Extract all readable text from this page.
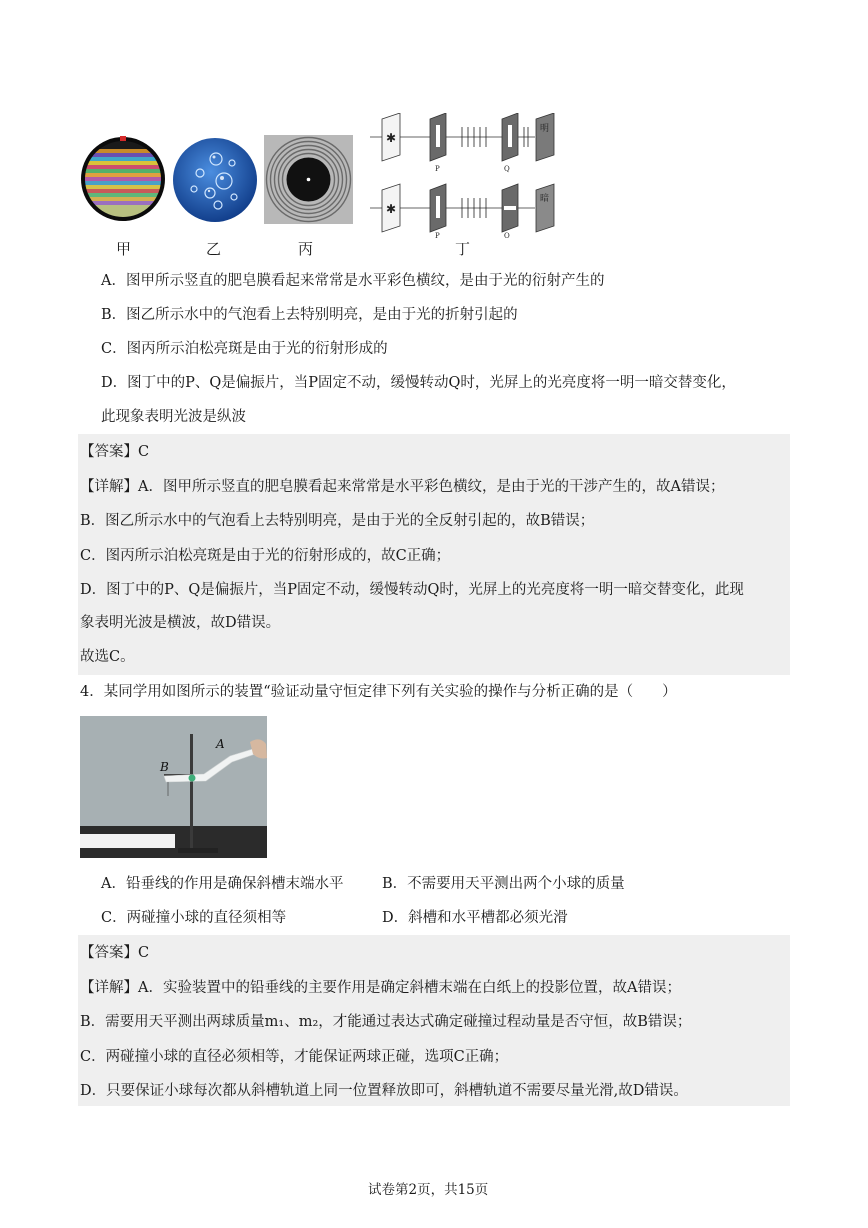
✱
P	Q
明
✱
P	Q
暗
甲	乙	丙	丁
A．图甲所示竖直的肥皂膜看起来常常是水平彩色横纹，是由于光的衍射产生的
B．图乙所示水中的气泡看上去特别明亮，是由于光的折射引起的
C．图丙所示泊松亮斑是由于光的衍射形成的
D．图丁中的P、Q是偏振片，当P固定不动，缓慢转动Q时，光屏上的光亮度将一明一暗交替变化，
此现象表明光波是纵波
【答案】C
【详解】A．图甲所示竖直的肥皂膜看起来常常是水平彩色横纹，是由于光的干涉产生的，故A错误；
B．图乙所示水中的气泡看上去特别明亮，是由于光的全反射引起的，故B错误；
C．图丙所示泊松亮斑是由于光的衍射形成的，故C正确；
D．图丁中的P、Q是偏振片，当P固定不动，缓慢转动Q时，光屏上的光亮度将一明一暗交替变化，此现
象表明光波是横波，故D错误。
故选C。
4．某同学用如图所示的装置“验证动量守恒定律下列有关实验的操作与分析正确的是（　　）
A
B
A．铅垂线的作用是确保斜槽末端水平	B．不需要用天平测出两个小球的质量
C．两碰撞小球的直径须相等	D．斜槽和水平槽都必须光滑
【答案】C
【详解】A．实验装置中的铅垂线的主要作用是确定斜槽末端在白纸上的投影位置，故A错误；
B．需要用天平测出两球质量m₁、m₂，才能通过表达式确定碰撞过程动量是否守恒，故B错误；
C．两碰撞小球的直径必须相等，才能保证两球正碰，选项C正确；
D．只要保证小球每次都从斜槽轨道上同一位置释放即可，斜槽轨道不需要尽量光滑,故D错误。
试卷第2页，共15页
